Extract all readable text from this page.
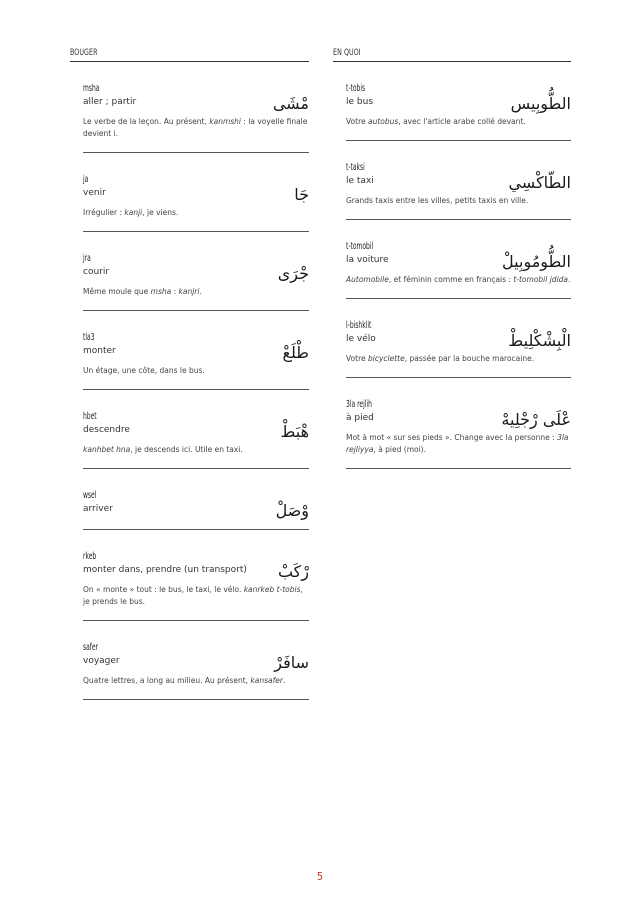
BOUGER
msha
مْشَى
aller ; partir
Le verbe de la leçon. Au présent, kanmshi : la voyelle finale devient i.
ja
جَا
venir
Irrégulier : kanji, je viens.
jra
جْرَى
courir
Même moule que msha : kanjri.
tla3
طْلَعْ
monter
Un étage, une côte, dans le bus.
hbet
هْبَطْ
descendre
kanhbet hna, je descends ici. Utile en taxi.
wsel
وْصَلْ
arriver
rkeb
رْكَبْ
monter dans, prendre (un transport)
On « monte » tout : le bus, le taxi, le vélo. kanrkeb t-tobis, je prends le bus.
safer
سافَرْ
voyager
Quatre lettres, a long au milieu. Au présent, kansafer.
EN QUOI
t-tobis
الطُّوبِيس
le bus
Votre autobus, avec l'article arabe collé devant.
t-taksi
الطّاكْسِي
le taxi
Grands taxis entre les villes, petits taxis en ville.
t-tomobil
الطُّومُوبِيلْ
la voiture
Automobile, et féminin comme en français : t-tomobil jdida.
l-bishklit
الْبِشْكْلِيطْ
le vélo
Votre bicyclette, passée par la bouche marocaine.
3la rejlih
عْلَى رْجْلِيهْ
à pied
Mot à mot « sur ses pieds ». Change avec la personne : 3la rejliyya, à pied (moi).
5
